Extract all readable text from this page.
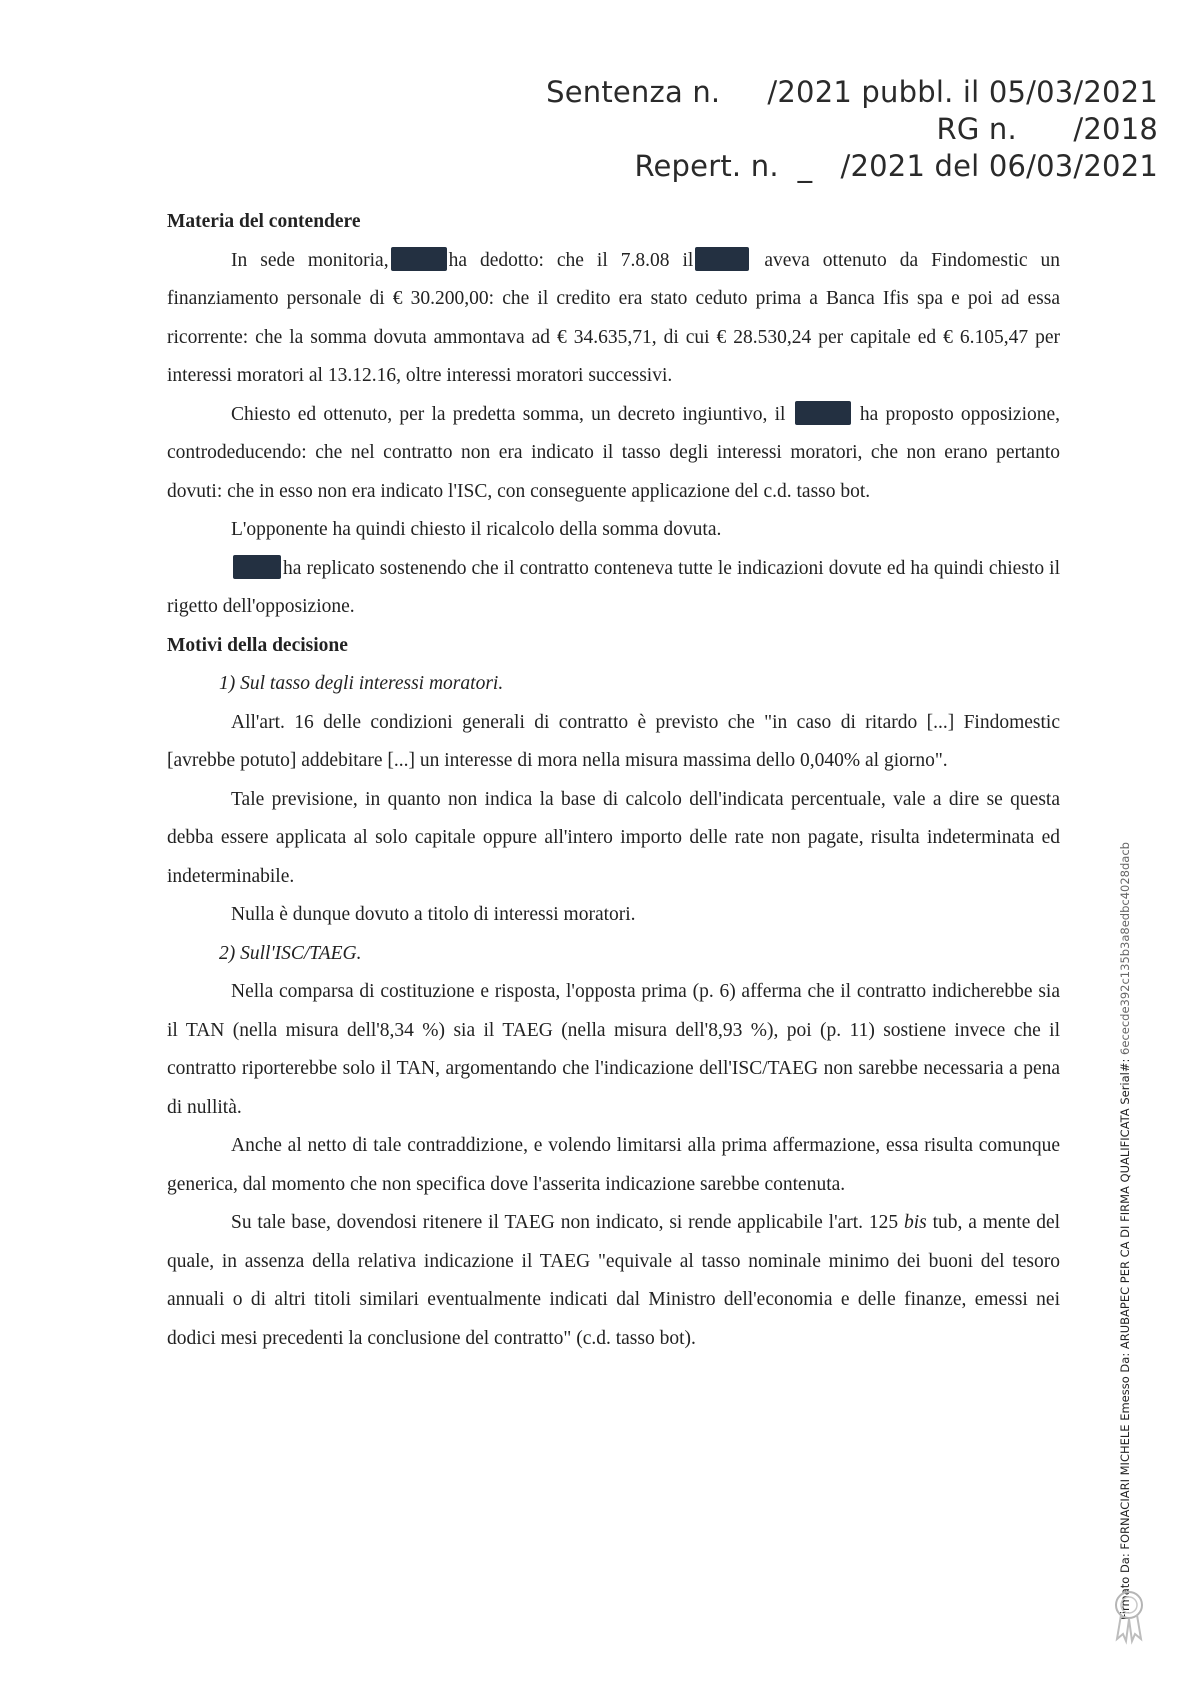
Sentenza n.     /2021 pubbl. il 05/03/2021
RG n.      /2018
Repert. n.  _   /2021 del 06/03/2021

Materia del contendere

In sede monitoria,	ha dedotto: che il 7.8.08 il	aveva ottenuto da Findomestic un finanziamento personale di € 30.200,00: che il credito era stato ceduto prima a Banca Ifis spa e poi ad essa ricorrente: che la somma dovuta ammontava ad € 34.635,71, di cui € 28.530,24 per capitale ed € 6.105,47 per interessi moratori al 13.12.16, oltre interessi moratori successivi.

Chiesto ed ottenuto, per la predetta somma, un decreto ingiuntivo, il	ha proposto opposizione, controdeducendo: che nel contratto non era indicato il tasso degli interessi moratori, che non erano pertanto dovuti: che in esso non era indicato l'ISC, con conseguente applicazione del c.d. tasso bot.

L'opponente ha quindi chiesto il ricalcolo della somma dovuta.

ha replicato sostenendo che il contratto conteneva tutte le indicazioni dovute ed ha quindi chiesto il rigetto dell'opposizione.

Motivi della decisione

1) Sul tasso degli interessi moratori.

All'art. 16 delle condizioni generali di contratto è previsto che "in caso di ritardo [...] Findomestic [avrebbe potuto] addebitare [...] un interesse di mora nella misura massima dello 0,040% al giorno".

Tale previsione, in quanto non indica la base di calcolo dell'indicata percentuale, vale a dire se questa debba essere applicata al solo capitale oppure all'intero importo delle rate non pagate, risulta indeterminata ed indeterminabile.

Nulla è dunque dovuto a titolo di interessi moratori.

2) Sull'ISC/TAEG.

Nella comparsa di costituzione e risposta, l'opposta prima (p. 6) afferma che il contratto indicherebbe sia il TAN (nella misura dell'8,34 %) sia il TAEG (nella misura dell'8,93 %), poi (p. 11) sostiene invece che il contratto riporterebbe solo il TAN, argomentando che l'indicazione dell'ISC/TAEG non sarebbe necessaria a pena di nullità.

Anche al netto di tale contraddizione, e volendo limitarsi alla prima affermazione, essa risulta comunque generica, dal momento che non specifica dove l'asserita indicazione sarebbe contenuta.

Su tale base, dovendosi ritenere il TAEG non indicato, si rende applicabile l'art. 125 bis tub, a mente del quale, in assenza della relativa indicazione il TAEG "equivale al tasso nominale minimo dei buoni del tesoro annuali o di altri titoli similari eventualmente indicati dal Ministro dell'economia e delle finanze, emessi nei dodici mesi precedenti la conclusione del contratto" (c.d. tasso bot).	Firmato Da: FORNACIARI MICHELE Emesso Da: ARUBAPEC PER CA DI FIRMA QUALIFICATA Serial#: 6ececde392c135b3a8edbc4028dacb
